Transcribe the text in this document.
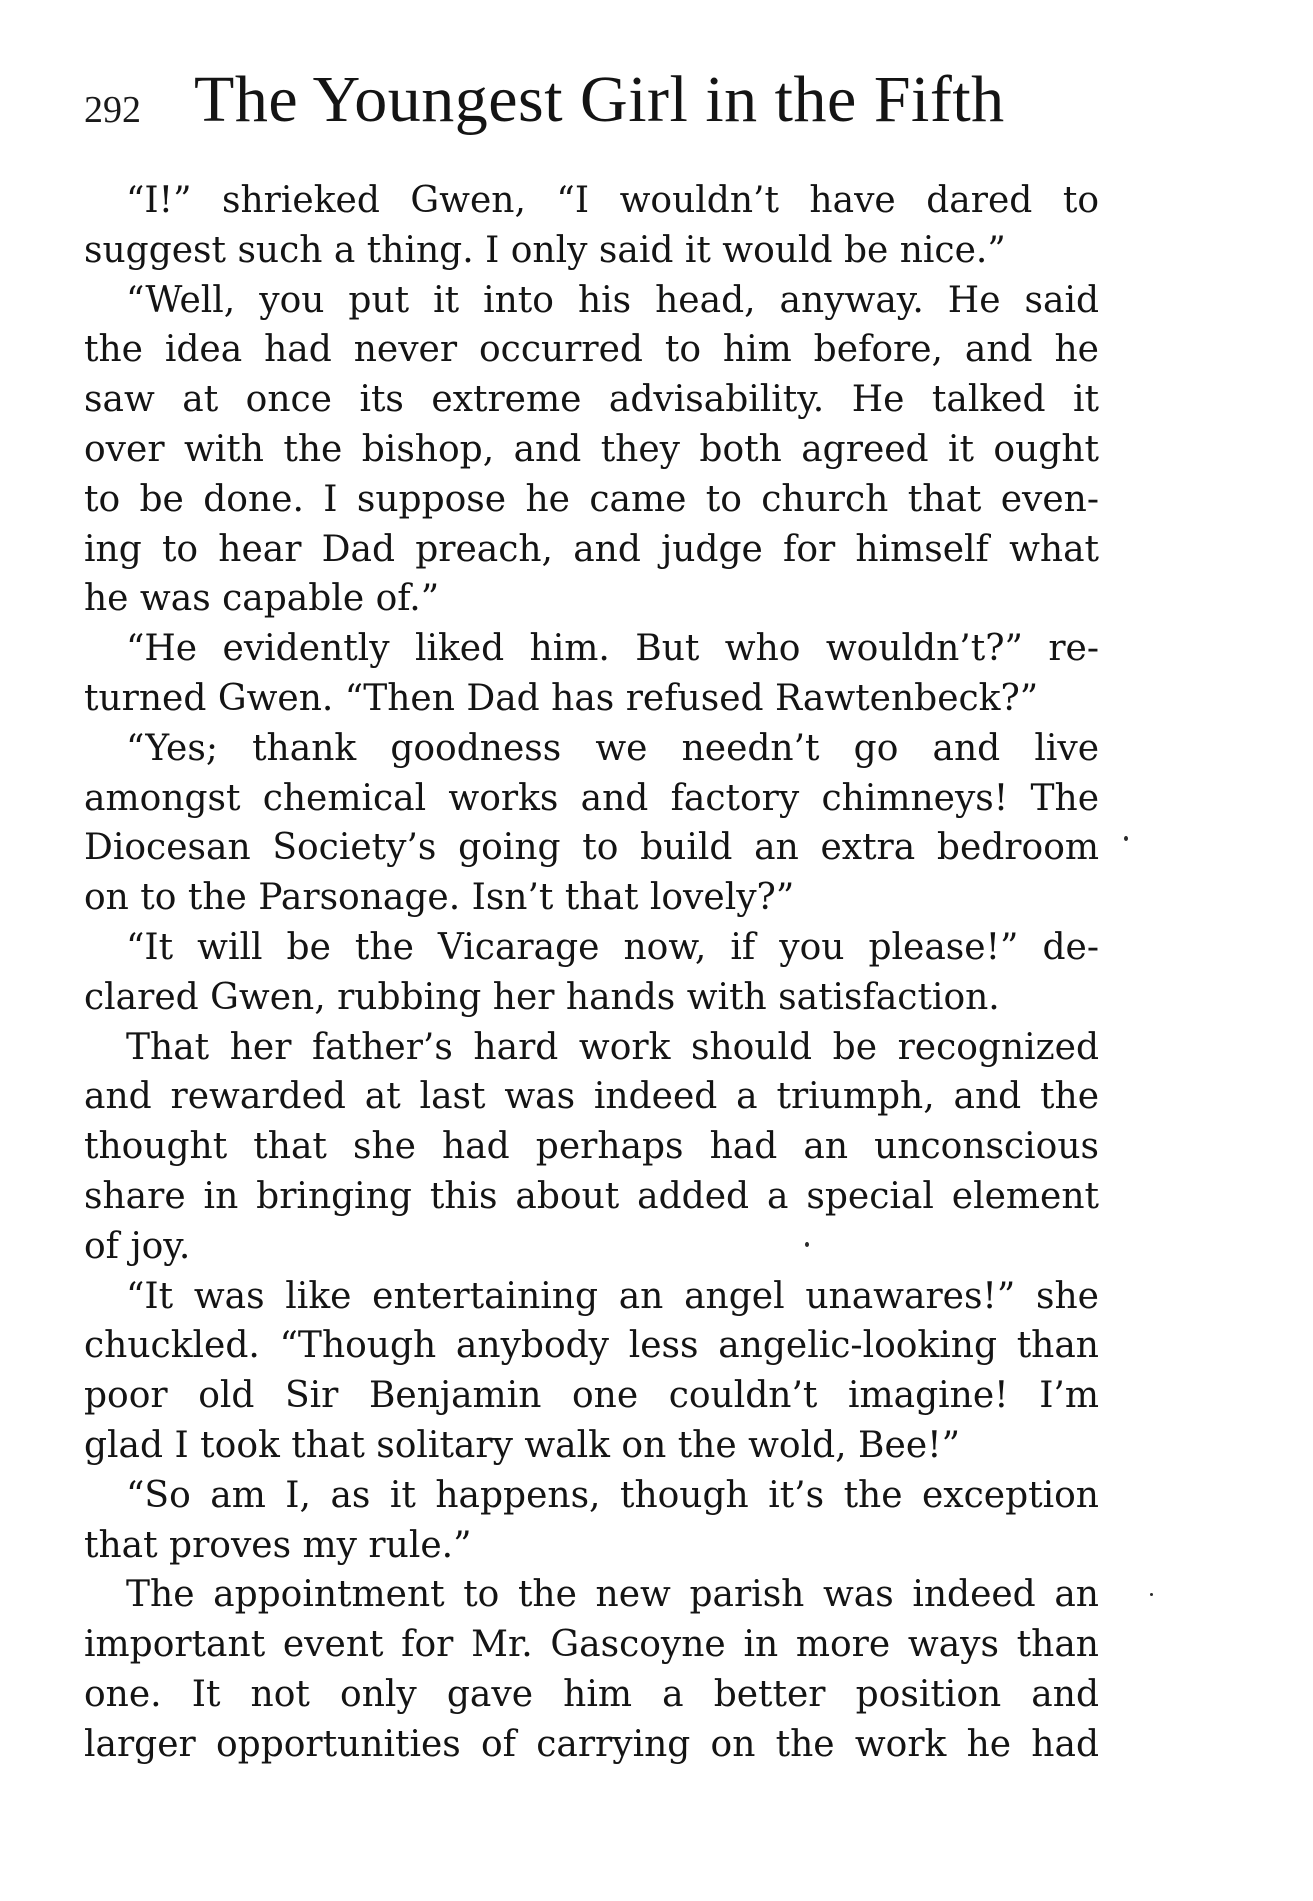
292 The Youngest Girl in the Fifth
“I!” shrieked Gwen, “I wouldn’t have dared to
suggest such a thing. I only said it would be nice.”
“Well, you put it into his head, anyway. He said
the idea had never occurred to him before, and he
saw at once its extreme advisability. He talked it
over with the bishop, and they both agreed it ought
to be done. I suppose he came to church that even-
ing to hear Dad preach, and judge for himself what
he was capable of.”
“He evidently liked him. But who wouldn’t?” re-
turned Gwen. “Then Dad has refused Rawtenbeck?”
“Yes; thank goodness we needn’t go and live
amongst chemical works and factory chimneys! The
Diocesan Society’s going to build an extra bedroom
on to the Parsonage. Isn’t that lovely?”
“It will be the Vicarage now, if you please!” de-
clared Gwen, rubbing her hands with satisfaction.
That her father’s hard work should be recognized
and rewarded at last was indeed a triumph, and the
thought that she had perhaps had an unconscious
share in bringing this about added a special element
of joy.
“It was like entertaining an angel unawares!” she
chuckled. “Though anybody less angelic-looking than
poor old Sir Benjamin one couldn’t imagine! I’m
glad I took that solitary walk on the wold, Bee!”
“So am I, as it happens, though it’s the exception
that proves my rule.”
The appointment to the new parish was indeed an
important event for Mr. Gascoyne in more ways than
one. It not only gave him a better position and
larger opportunities of carrying on the work he had
